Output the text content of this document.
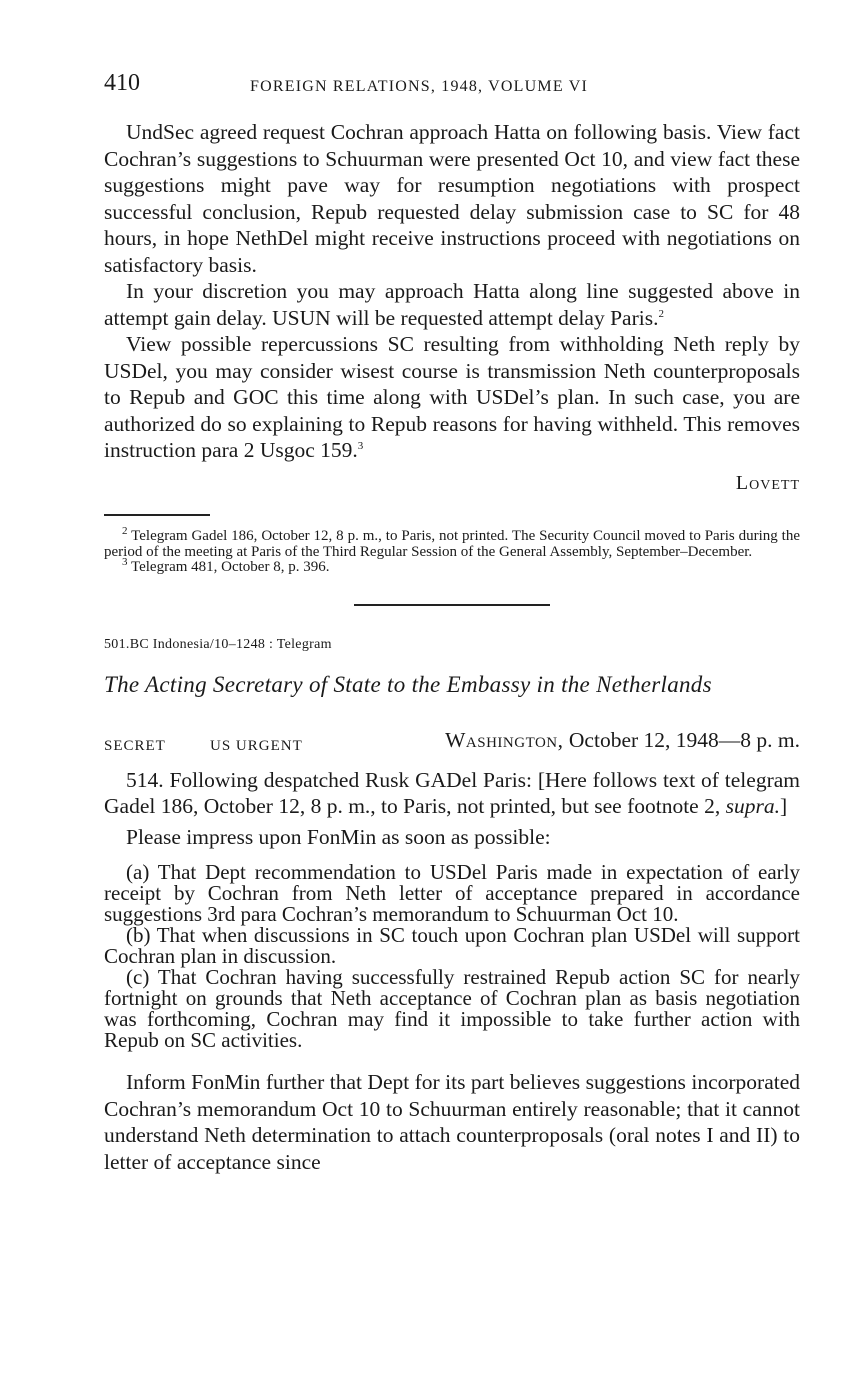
410	FOREIGN RELATIONS, 1948, VOLUME VI

UndSec agreed request Cochran approach Hatta on following basis. View fact Cochran’s suggestions to Schuurman were presented Oct 10, and view fact these suggestions might pave way for resumption negotiations with prospect successful conclusion, Repub requested delay submission case to SC for 48 hours, in hope NethDel might receive instructions proceed with negotiations on satisfactory basis.

In your discretion you may approach Hatta along line suggested above in attempt gain delay. USUN will be requested attempt delay Paris.$^2$

View possible repercussions SC resulting from withholding Neth reply by USDel, you may consider wisest course is transmission Neth counterproposals to Repub and GOC this time along with USDel’s plan. In such case, you are authorized do so explaining to Repub reasons for having withheld. This removes instruction para 2 Usgoc 159.$^3$

Lovett

$^2$ Telegram Gadel 186, October 12, 8 p. m., to Paris, not printed. The Security Council moved to Paris during the period of the meeting at Paris of the Third Regular Session of the General Assembly, September–December.

$^3$ Telegram 481, October 8, p. 396.

501.BC Indonesia/10–1248 : Telegram
The Acting Secretary of State to the Embassy in the Netherlands
SECRET	US URGENT	Washington, October 12, 1948—8 p. m.

514. Following despatched Rusk GADel Paris: [Here follows text of telegram Gadel 186, October 12, 8 p. m., to Paris, not printed, but see footnote 2, supra.]

Please impress upon FonMin as soon as possible:

(a) That Dept recommendation to USDel Paris made in expectation of early receipt by Cochran from Neth letter of acceptance prepared in accordance suggestions 3rd para Cochran’s memorandum to Schuurman Oct 10.

(b) That when discussions in SC touch upon Cochran plan USDel will support Cochran plan in discussion.

(c) That Cochran having successfully restrained Repub action SC for nearly fortnight on grounds that Neth acceptance of Cochran plan as basis negotiation was forthcoming, Cochran may find it impossible to take further action with Repub on SC activities.

Inform FonMin further that Dept for its part believes suggestions incorporated Cochran’s memorandum Oct 10 to Schuurman entirely reasonable; that it cannot understand Neth determination to attach counterproposals (oral notes I and II) to letter of acceptance since
